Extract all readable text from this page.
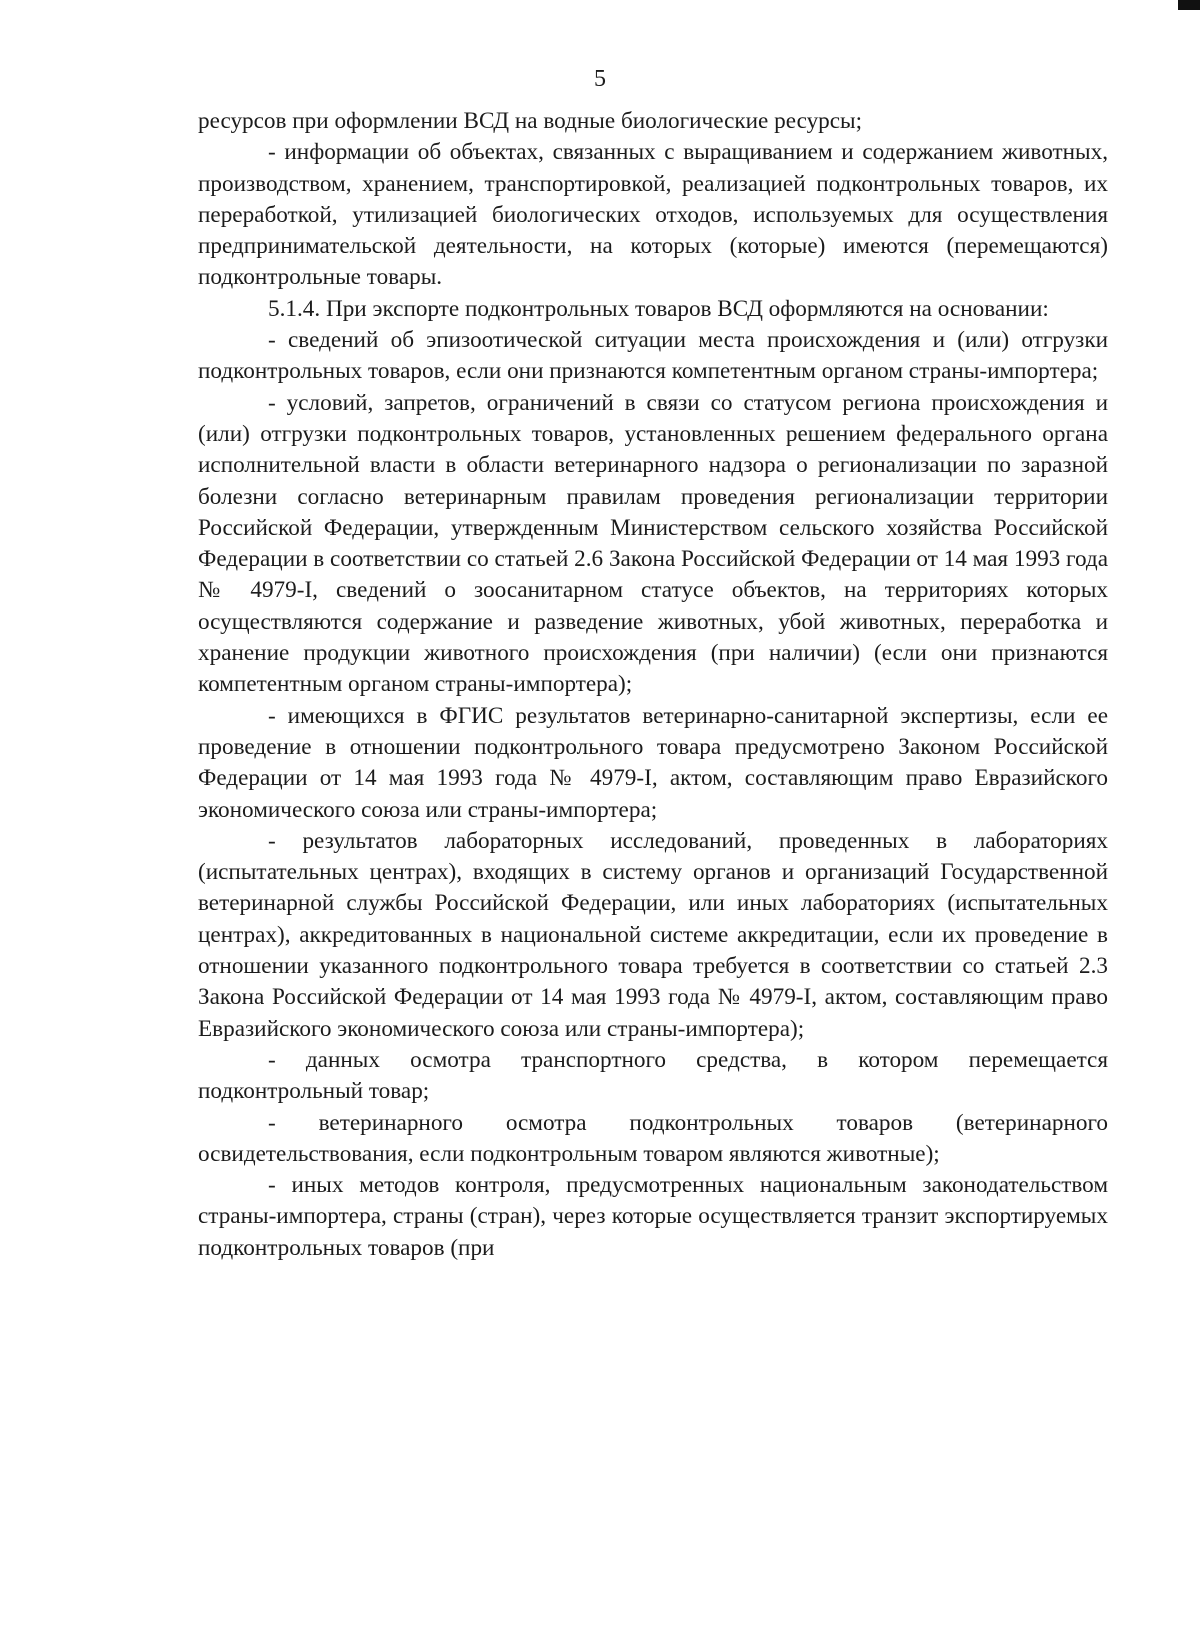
5

ресурсов при оформлении ВСД на водные биологические ресурсы;

- информации об объектах, связанных с выращиванием и содержанием животных, производством, хранением, транспортировкой, реализацией подконтрольных товаров, их переработкой, утилизацией биологических отходов, используемых для осуществления предпринимательской деятельности, на которых (которые) имеются (перемещаются) подконтрольные товары.

5.1.4. При экспорте подконтрольных товаров ВСД оформляются на основании:

- сведений об эпизоотической ситуации места происхождения и (или) отгрузки подконтрольных товаров, если они признаются компетентным органом страны-импортера;

- условий, запретов, ограничений в связи со статусом региона происхождения и (или) отгрузки подконтрольных товаров, установленных решением федерального органа исполнительной власти в области ветеринарного надзора о регионализации по заразной болезни согласно ветеринарным правилам проведения регионализации территории Российской Федерации, утвержденным Министерством сельского хозяйства Российской Федерации в соответствии со статьей 2.6 Закона Российской Федерации от 14 мая 1993 года № 4979-I, сведений о зоосанитарном статусе объектов, на территориях которых осуществляются содержание и разведение животных, убой животных, переработка и хранение продукции животного происхождения (при наличии) (если они признаются компетентным органом страны-импортера);

- имеющихся в ФГИС результатов ветеринарно-санитарной экспертизы, если ее проведение в отношении подконтрольного товара предусмотрено Законом Российской Федерации от 14 мая 1993 года № 4979-I, актом, составляющим право Евразийского экономического союза или страны-импортера;

- результатов лабораторных исследований, проведенных в лабораториях (испытательных центрах), входящих в систему органов и организаций Государственной ветеринарной службы Российской Федерации, или иных лабораториях (испытательных центрах), аккредитованных в национальной системе аккредитации, если их проведение в отношении указанного подконтрольного товара требуется в соответствии со статьей 2.3 Закона Российской Федерации от 14 мая 1993 года № 4979-I, актом, составляющим право Евразийского экономического союза или страны-импортера);

- данных осмотра транспортного средства, в котором перемещается подконтрольный товар;

- ветеринарного осмотра подконтрольных товаров (ветеринарного освидетельствования, если подконтрольным товаром являются животные);

- иных методов контроля, предусмотренных национальным законодательством страны-импортера, страны (стран), через которые осуществляется транзит экспортируемых подконтрольных товаров (при
